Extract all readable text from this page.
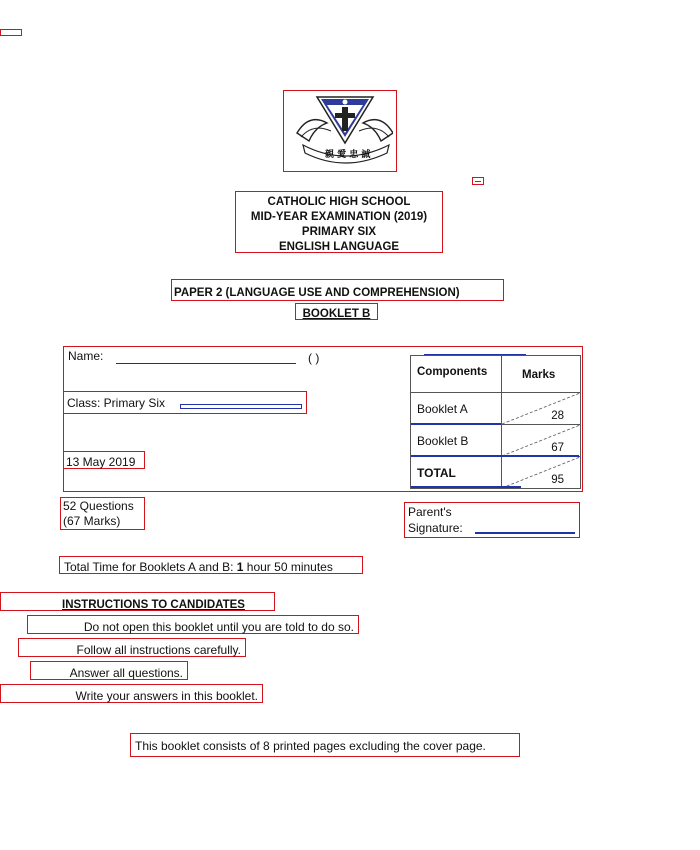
親 愛 忠 誠
CATHOLIC HIGH SCHOOL
MID-YEAR EXAMINATION (2019)
PRIMARY SIX
ENGLISH LANGUAGE
PAPER 2 (LANGUAGE USE AND COMPREHENSION)
BOOKLET B
Name:	( )
Class: Primary Six
13 May 2019
Components	Marks
Booklet A	28
Booklet B	67
TOTAL	95
52 Questions
(67 Marks)
Parent's
Signature:
Total Time for Booklets A and B: 1 hour 50 minutes
INSTRUCTIONS TO CANDIDATES
Do not open this booklet until you are told to do so.
Follow all instructions carefully.
Answer all questions.
Write your answers in this booklet.
This booklet consists of 8 printed pages excluding the cover page.
